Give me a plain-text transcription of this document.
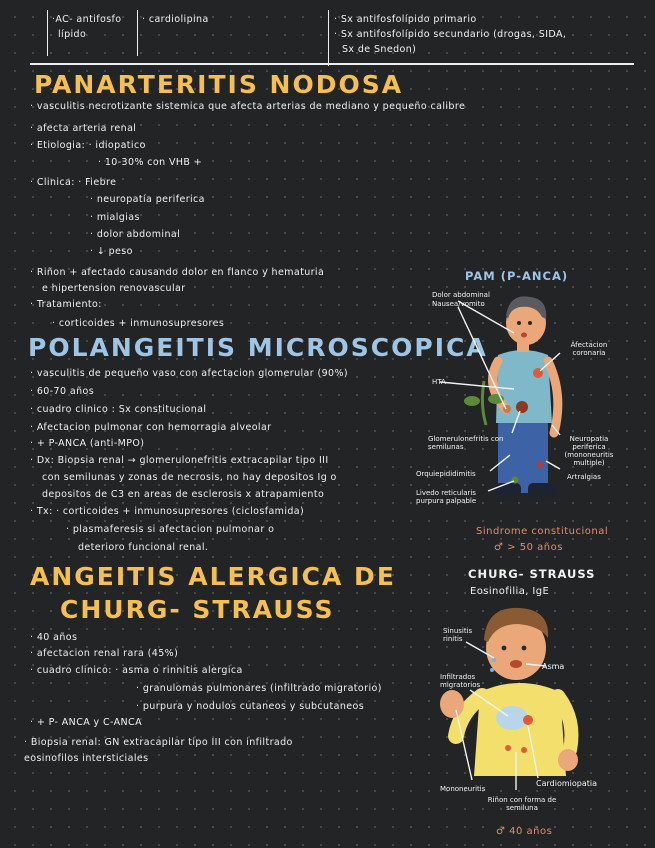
·AC- antifosfo
lípido
· cardiolipina	· Sx antifosfolípido primario
· Sx antifosfolípido secundario (drogas, SIDA,
Sx de Snedon)
PANARTERITIS NODOSA
· vasculitis necrotizante sistemica que afecta arterias de mediano y pequeño calibre
· afecta arteria renal
· Etiologia: · idiopatico
· 10-30% con VHB +
· Clinica: · Fiebre
· neuropatía periferica
· mialgias
· dolor abdominal
· ↓ peso
· Riñon + afectado causando dolor en flanco y hematuria
e hipertension renovascular
· Tratamiento:
· corticoides + inmunosupresores
POLANGEITIS MICROSCOPICA
· vasculitis de pequeño vaso con afectacion glomerular (90%)
· 60-70 años
· cuadro clinico : Sx constitucional
· Afectacion pulmonar con hemorragia alveolar
· + P-ANCA (anti-MPO)
· Dx: Biopsia renal → glomerulonefritis extracapilar tipo III
con semilunas y zonas de necrosis, no hay depositos Ig o
depositos de C3 en areas de esclerosis x atrapamiento
· Tx: · corticoides + inmunosupresores (ciclosfamida)
· plasmaferesis si afectacion pulmonar o
deterioro funcional renal.
ANGEITIS ALERGICA DE
CHURG- STRAUSS
· 40 años
· afectacion renal rara (45%)
· cuadro clinico: · asma o rinnitis alergica
· granulomas pulmonares (infiltrado migratorio)
· purpura y nodulos cutaneos y subcutaneos
· + P- ANCA y C-ANCA
· Biopsia renal: GN extracapilar tipo III con infiltrado
eosinofilos intersticiales
PAM (P-ANCA)
Dolor abdominal
Nausea/vomito
Afectacion coronaria
HTA
Glomerulonefritis con semilunas
Neuropatia periferica (mononeuritis multiple)
Artralgias
Orquiepididimitis
Livedo reticularis purpura palpable
Sindrome constitucional
♂ > 50 años
CHURG- STRAUSS
Eosinofilia, IgE
Sinusitis rinitis
Asma
Infiltrados migratorios
Mononeuritis
Cardiomiopatia
Riñon con forma de semiluna
♂ 40 años
